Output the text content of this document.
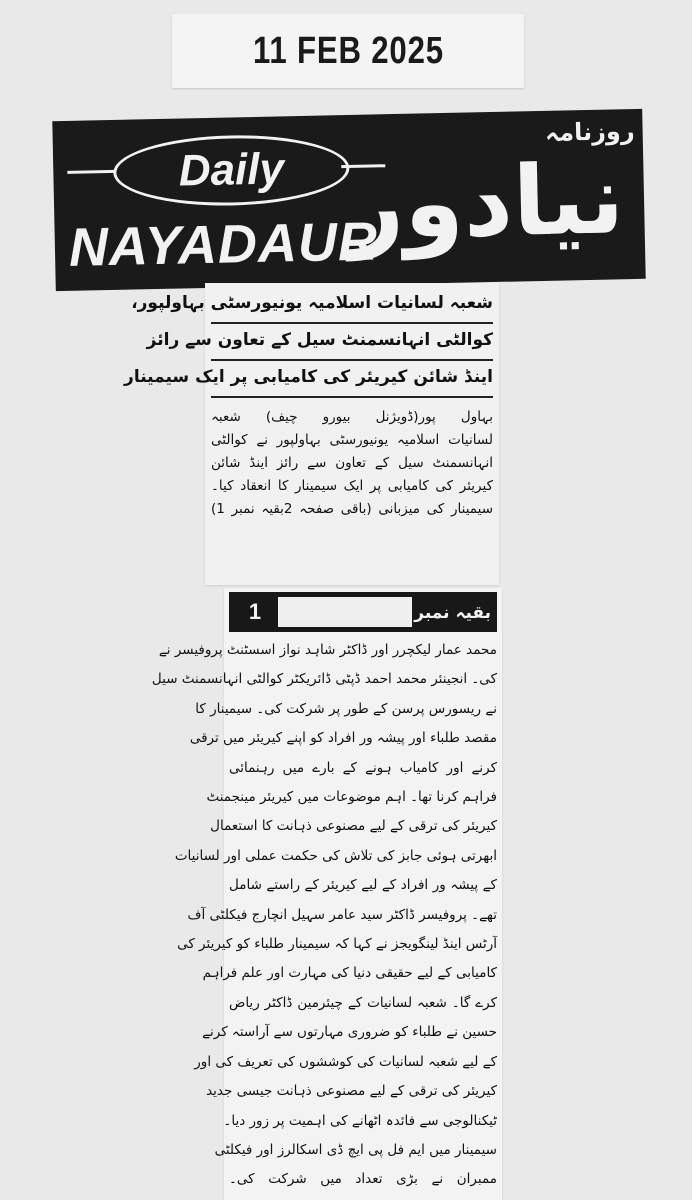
11 FEB 2025
Daily
NAYADAUR
روزنامہ
نیادور
شعبہ لسانیات اسلامیہ یونیورسٹی بہاولپور،
کوالٹی انہانسمنٹ سیل کے تعاون سے رائز
اینڈ شائن کیریئر کی کامیابی پر ایک سیمینار
بہاول پور(ڈویژنل بیورو چیف) شعبہ
لسانیات اسلامیہ یونیورسٹی بہاولپور نے کوالٹی
انہانسمنٹ سیل کے تعاون سے رائز اینڈ شائن
کیریئر کی کامیابی پر ایک سیمینار کا انعقاد کیا۔
سیمینار کی میزبانی (باقی صفحہ 2بقیہ نمبر 1)
بقیہ نمبر
1
محمد عمار لیکچرر اور ڈاکٹر شاہد نواز اسسٹنٹ پروفیسر نے
کی۔ انجینئر محمد احمد ڈپٹی ڈائریکٹر کوالٹی انہانسمنٹ سیل
نے ریسورس پرسن کے طور پر شرکت کی۔ سیمینار کا
مقصد طلباء اور پیشہ ور افراد کو اپنے کیریئر میں ترقی
کرنے اور کامیاب ہونے کے بارے میں رہنمائی
فراہم کرنا تھا۔ اہم موضوعات میں کیریئر مینجمنٹ
کیریئر کی ترقی کے لیے مصنوعی ذہانت کا استعمال
ابھرتی ہوئی جابز کی تلاش کی حکمت عملی اور لسانیات
کے پیشہ ور افراد کے لیے کیریئر کے راستے شامل
تھے۔ پروفیسر ڈاکٹر سید عامر سہیل انچارج فیکلٹی آف
آرٹس اینڈ لینگویجز نے کہا کہ سیمینار طلباء کو کیریئر کی
کامیابی کے لیے حقیقی دنیا کی مہارت اور علم فراہم
کرے گا۔ شعبہ لسانیات کے چیئرمین ڈاکٹر ریاض
حسین نے طلباء کو ضروری مہارتوں سے آراستہ کرنے
کے لیے شعبہ لسانیات کی کوششوں کی تعریف کی اور
کیریئر کی ترقی کے لیے مصنوعی ذہانت جیسی جدید
ٹیکنالوجی سے فائدہ اٹھانے کی اہمیت پر زور دیا۔
سیمینار میں ایم فل پی ایچ ڈی اسکالرز اور فیکلٹی
ممبران نے بڑی تعداد میں شرکت کی۔
